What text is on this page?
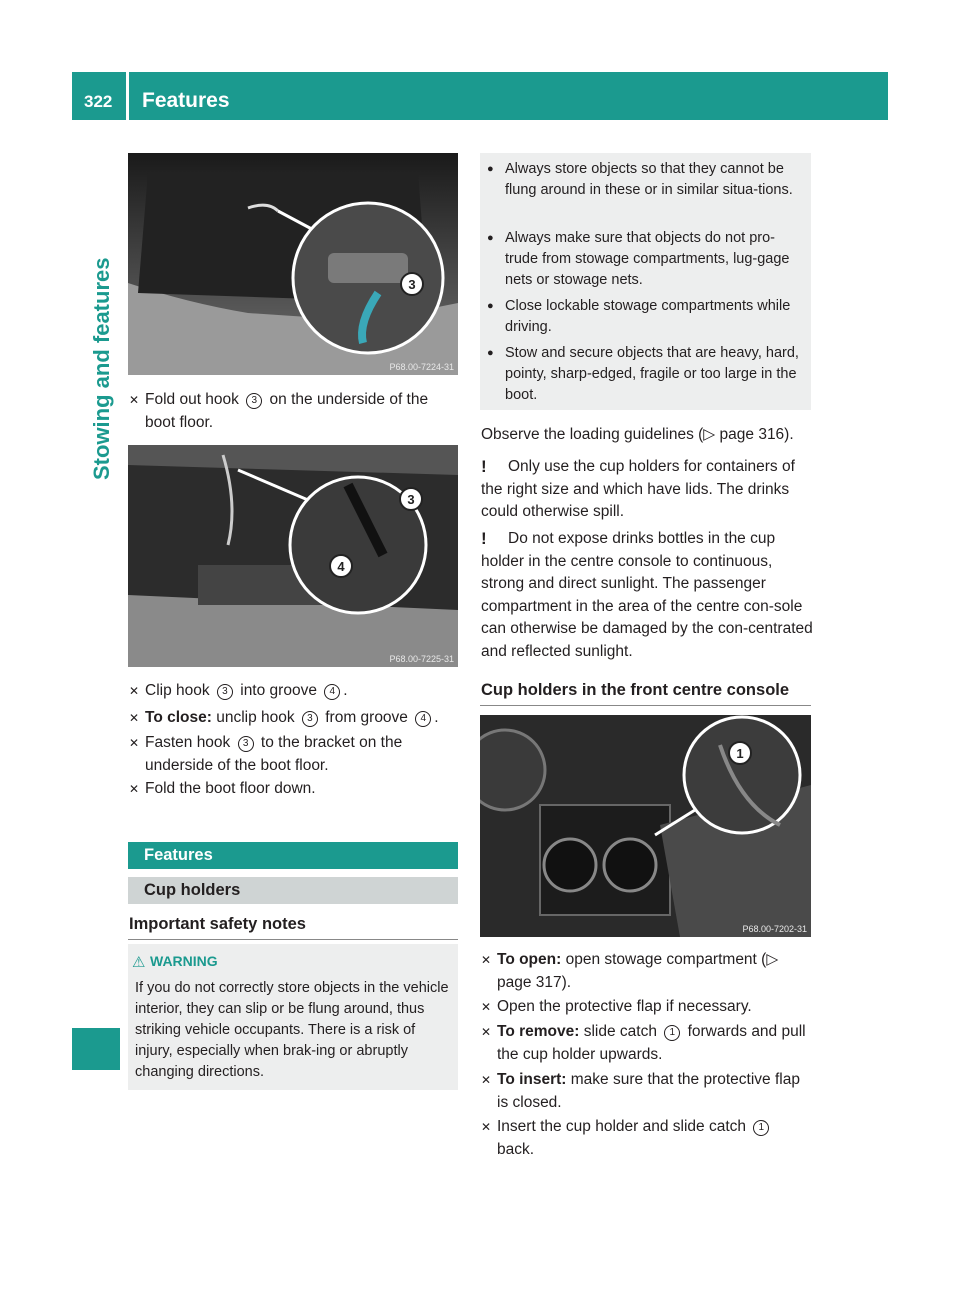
322 Features
Stowing and features	3
P68.00-7224-31
✕ Fold out hook 3 on the underside of the boot floor.
3
4
P68.00-7225-31
✕ Clip hook 3 into groove 4 .
✕ To close: unclip hook 3 from groove 4 .
✕ Fasten hook 3 to the bracket on the underside of the boot floor.
✕ Fold the boot floor down.
Features
Cup holders
Important safety notes
⚠ WARNING
If you do not correctly store objects in the vehicle interior, they can slip or be flung around, thus striking vehicle occupants. There is a risk of injury, especially when brak-ing or abruptly changing directions.
● Always store objects so that they cannot be flung around in these or in similar situa-tions.
● Always make sure that objects do not pro-trude from stowage compartments, lug-gage nets or stowage nets.
● Close lockable stowage compartments while driving.
● Stow and secure objects that are heavy, hard, pointy, sharp-edged, fragile or too large in the boot.
Observe the loading guidelines (▷ page 316).
!	Only use the cup holders for containers of the right size and which have lids. The drinks could otherwise spill.
!	Do not expose drinks bottles in the cup holder in the centre console to continuous, strong and direct sunlight. The passenger compartment in the area of the centre con-sole can otherwise be damaged by the con-centrated and reflected sunlight.
Cup holders in the front centre console
1
P68.00-7202-31
✕ To open: open stowage compartment (▷ page 317).
✕ Open the protective flap if necessary.
✕ To remove: slide catch 1 forwards and pull the cup holder upwards.
✕ To insert: make sure that the protective flap is closed.
✕ Insert the cup holder and slide catch 1 back.
